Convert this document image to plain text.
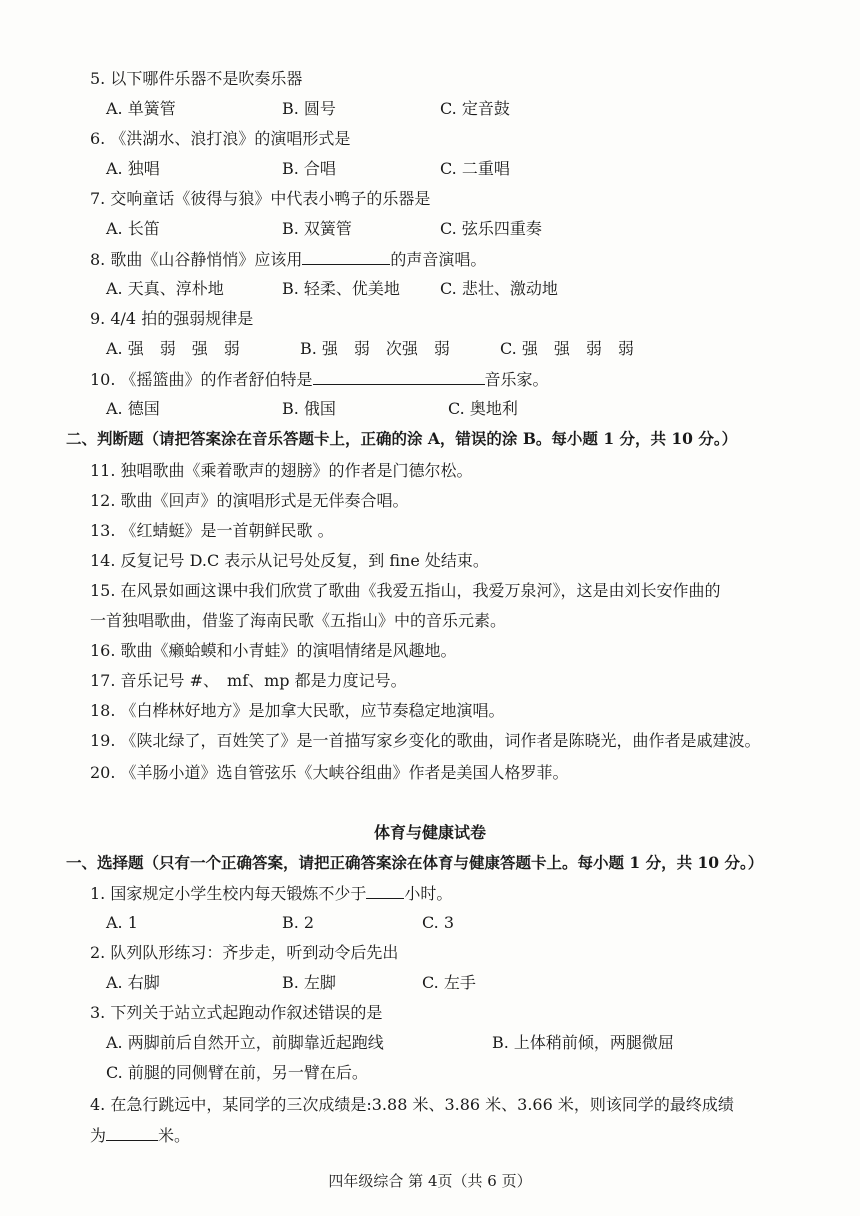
5. 以下哪件乐器不是吹奏乐器
A. 单簧管	B. 圆号	C. 定音鼓
6. 《洪湖水、浪打浪》的演唱形式是
A. 独唱	B. 合唱	C. 二重唱
7. 交响童话《彼得与狼》中代表小鸭子的乐器是
A. 长笛	B. 双簧管	C. 弦乐四重奏
8. 歌曲《山谷静悄悄》应该用	的声音演唱。
A. 天真、淳朴地	B. 轻柔、优美地	C. 悲壮、激动地
9. 4/4 拍的强弱规律是
A. 强　弱　强　弱	B. 强　弱　次强　弱	C. 强　强　弱　弱
10. 《摇篮曲》的作者舒伯特是	音乐家。
A. 德国	B. 俄国	C. 奥地利
二、判断题（请把答案涂在音乐答题卡上，正确的涂 A，错误的涂 B。每小题 1 分，共 10 分。）
11. 独唱歌曲《乘着歌声的翅膀》的作者是门德尔松。
12. 歌曲《回声》的演唱形式是无伴奏合唱。
13. 《红蜻蜓》是一首朝鲜民歌 。
14. 反复记号 D.C 表示从记号处反复，到 fine 处结束。
15. 在风景如画这课中我们欣赏了歌曲《我爱五指山，我爱万泉河》，这是由刘长安作曲的
一首独唱歌曲，借鉴了海南民歌《五指山》中的音乐元素。
16. 歌曲《癞蛤蟆和小青蛙》的演唱情绪是风趣地。
17. 音乐记号 #、　mf、mp 都是力度记号。
18. 《白桦林好地方》是加拿大民歌，应节奏稳定地演唱。
19. 《陕北绿了，百姓笑了》是一首描写家乡变化的歌曲，词作者是陈晓光，曲作者是戚建波。
20. 《羊肠小道》选自管弦乐《大峡谷组曲》作者是美国人格罗菲。
体育与健康试卷
一、选择题（只有一个正确答案，请把正确答案涂在体育与健康答题卡上。每小题 1 分，共 10 分。）
1. 国家规定小学生校内每天锻炼不少于 小时。
A. 1	B. 2	C. 3
2. 队列队形练习：齐步走，听到动令后先出
A. 右脚	B. 左脚	C. 左手
3. 下列关于站立式起跑动作叙述错误的是
A. 两脚前后自然开立，前脚靠近起跑线	B. 上体稍前倾，两腿微屈
C. 前腿的同侧臂在前，另一臂在后。
4. 在急行跳远中，某同学的三次成绩是:3.88 米、3.86 米、3.66 米，则该同学的最终成绩
为	米。
四年级综合 第 4页（共 6 页）
